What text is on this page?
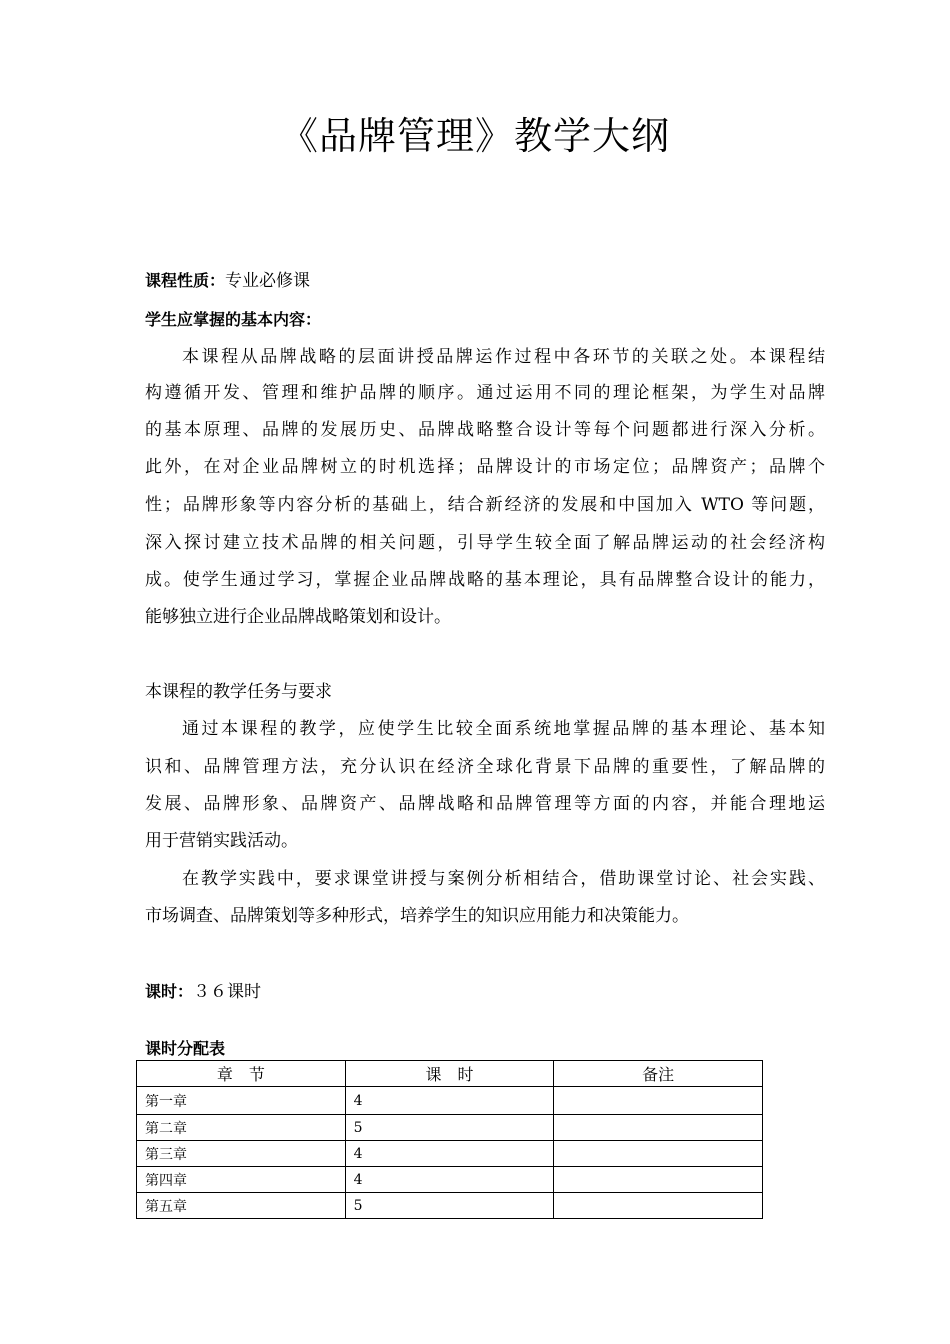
《品牌管理》教学大纲
课程性质：专业必修课
学生应掌握的基本内容：
本课程从品牌战略的层面讲授品牌运作过程中各环节的关联之处。本课程结
构遵循开发、管理和维护品牌的顺序。通过运用不同的理论框架，为学生对品牌
的基本原理、品牌的发展历史、品牌战略整合设计等每个问题都进行深入分析。
此外，在对企业品牌树立的时机选择；品牌设计的市场定位；品牌资产；品牌个
性；品牌形象等内容分析的基础上，结合新经济的发展和中国加入 WTO 等问题，
深入探讨建立技术品牌的相关问题，引导学生较全面了解品牌运动的社会经济构
成。使学生通过学习，掌握企业品牌战略的基本理论，具有品牌整合设计的能力，
能够独立进行企业品牌战略策划和设计。
本课程的教学任务与要求
通过本课程的教学，应使学生比较全面系统地掌握品牌的基本理论、基本知
识和、品牌管理方法，充分认识在经济全球化背景下品牌的重要性，了解品牌的
发展、品牌形象、品牌资产、品牌战略和品牌管理等方面的内容，并能合理地运
用于营销实践活动。
在教学实践中，要求课堂讲授与案例分析相结合，借助课堂讨论、社会实践、
市场调查、品牌策划等多种形式，培养学生的知识应用能力和决策能力。
课时：３６课时
课时分配表
章　节	课　时	备注
第一章	4	
第二章	5	
第三章	4	
第四章	4	
第五章	5	
